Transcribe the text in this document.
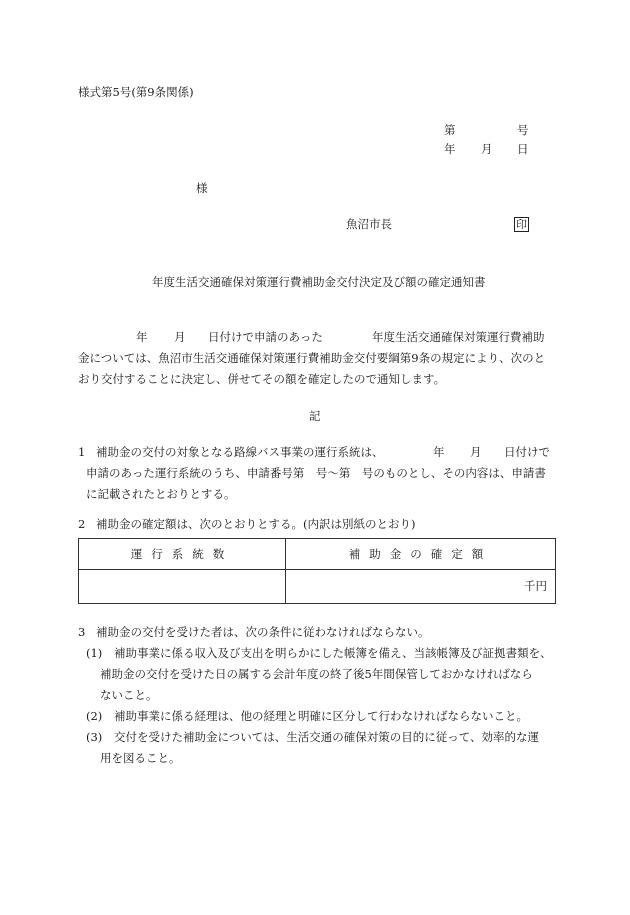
様式第5号(第9条関係)
第	号
年 月 日
様
魚沼市長	印
年度生活交通確保対策運行費補助金交付決定及び額の確定通知書
年 月 日付けで申請のあった	年度生活交通確保対策運行費補助
金については、魚沼市生活交通確保対策運行費補助金交付要綱第9条の規定により、次のと
おり交付することに決定し、併せてその額を確定したので通知します。
記
1 補助金の交付の対象となる路線バス事業の運行系統は、	年 月 日付けで
申請のあった運行系統のうち、申請番号第　号～第　号のものとし、その内容は、申請書
に記載されたとおりとする。
2 補助金の確定額は、次のとおりとする。(内訳は別紙のとおり)
運行系統数	補助金の確定額
	千円
3 補助金の交付を受けた者は、次の条件に従わなければならない。
(1) 補助事業に係る収入及び支出を明らかにした帳簿を備え、当該帳簿及び証拠書類を、
補助金の交付を受けた日の属する会計年度の終了後5年間保管しておかなければなら
ないこと。
(2) 補助事業に係る経理は、他の経理と明確に区分して行わなければならないこと。
(3) 交付を受けた補助金については、生活交通の確保対策の目的に従って、効率的な運
用を図ること。
